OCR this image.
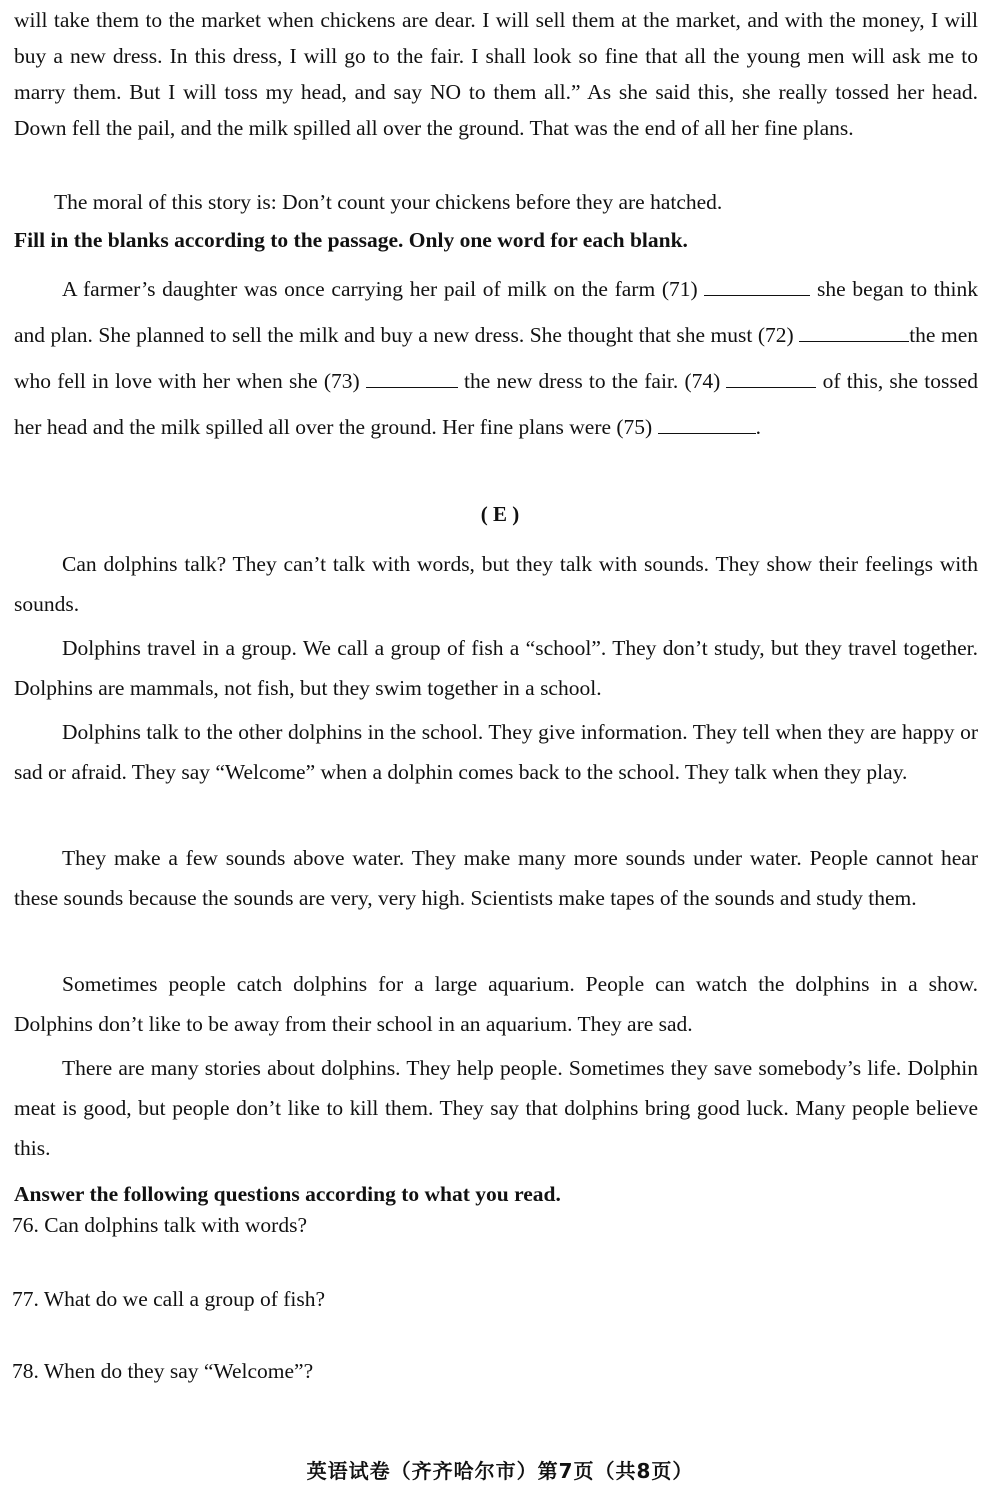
will take them to the market when chickens are dear. I will sell them at the market, and with the money, I will buy a new dress. In this dress, I will go to the fair. I shall look so fine that all the young men will ask me to marry them. But I will toss my head, and say NO to them all.” As she said this, she really tossed her head. Down fell the pail, and the milk spilled all over the ground. That was the end of all her fine plans.
The moral of this story is: Don’t count your chickens before they are hatched.
Fill in the blanks according to the passage. Only one word for each blank.
A farmer’s daughter was once carrying her pail of milk on the farm (71)	she began to think and plan. She planned to sell the milk and buy a new dress. She thought that she must (72)	the men who fell in love with her when she (73)	the new dress to the fair. (74)	of this, she tossed her head and the milk spilled all over the ground. Her fine plans were (75)	.
( E )
Can dolphins talk? They can’t talk with words, but they talk with sounds. They show their feelings with sounds.
Dolphins travel in a group. We call a group of fish a “school”. They don’t study, but they travel together. Dolphins are mammals, not fish, but they swim together in a school.
Dolphins talk to the other dolphins in the school. They give information. They tell when they are happy or sad or afraid. They say “Welcome” when a dolphin comes back to the school. They talk when they play.
They make a few sounds above water. They make many more sounds under water. People cannot hear these sounds because the sounds are very, very high. Scientists make tapes of the sounds and study them.
Sometimes people catch dolphins for a large aquarium. People can watch the dolphins in a show. Dolphins don’t like to be away from their school in an aquarium. They are sad.
There are many stories about dolphins. They help people. Sometimes they save somebody’s life. Dolphin meat is good, but people don’t like to kill them. They say that dolphins bring good luck. Many people believe this.
Answer the following questions according to what you read.
76. Can dolphins talk with words?
77. What do we call a group of fish?
78. When do they say “Welcome”?
英语试卷（齐齐哈尔市）第7页（共8页）
